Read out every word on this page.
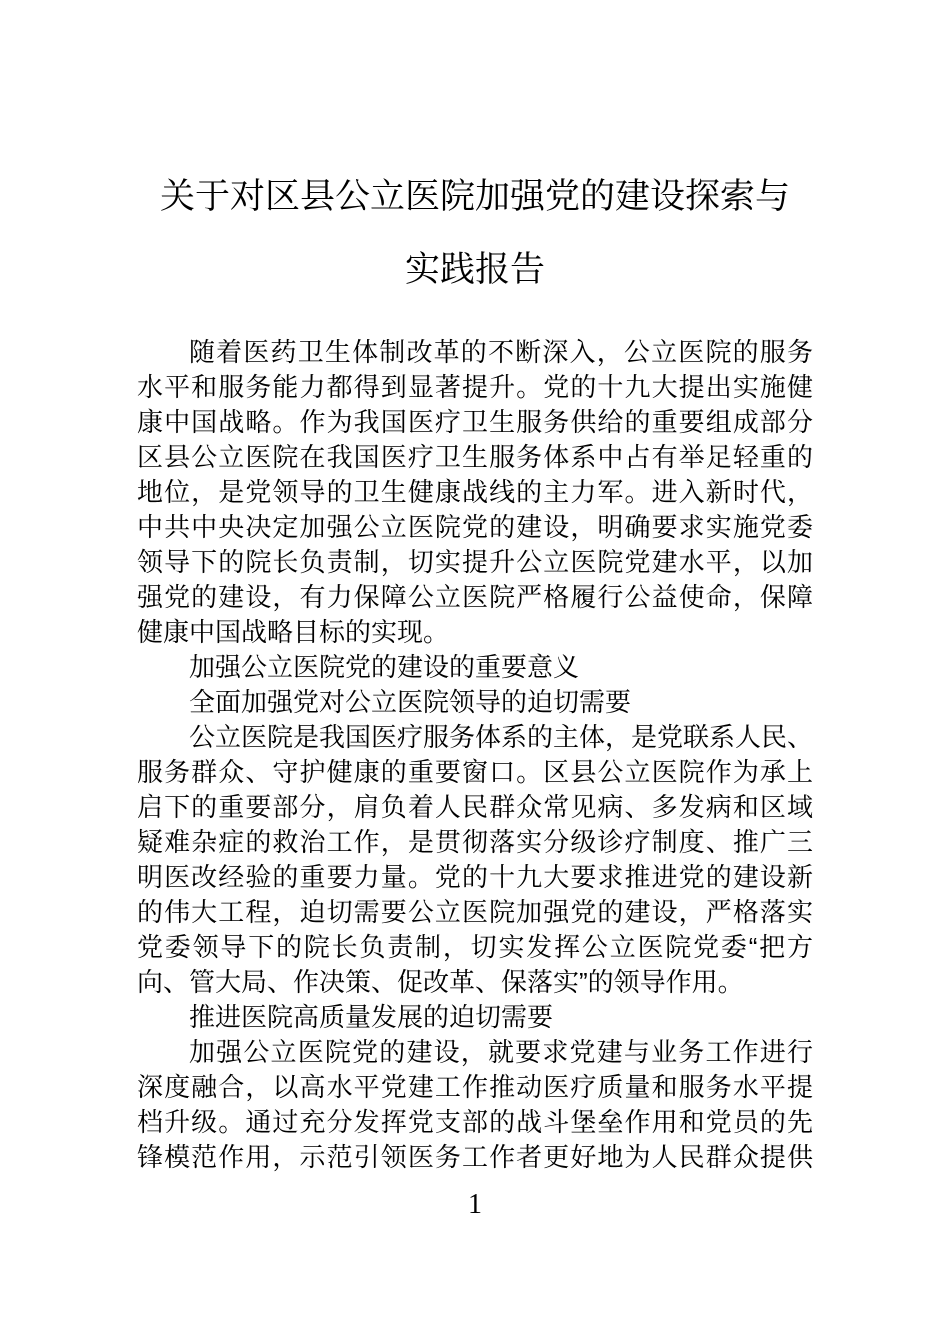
关于对区县公立医院加强党的建设探索与
实践报告
随着医药卫生体制改革的不断深入，公立医院的服务
水平和服务能力都得到显著提升。党的十九大提出实施健
康中国战略。作为我国医疗卫生服务供给的重要组成部分
区县公立医院在我国医疗卫生服务体系中占有举足轻重的
地位，是党领导的卫生健康战线的主力军。进入新时代，
中共中央决定加强公立医院党的建设，明确要求实施党委
领导下的院长负责制，切实提升公立医院党建水平，以加
强党的建设，有力保障公立医院严格履行公益使命，保障
健康中国战略目标的实现。
加强公立医院党的建设的重要意义
全面加强党对公立医院领导的迫切需要
公立医院是我国医疗服务体系的主体，是党联系人民、
服务群众、守护健康的重要窗口。区县公立医院作为承上
启下的重要部分，肩负着人民群众常见病、多发病和区域
疑难杂症的救治工作，是贯彻落实分级诊疗制度、推广三
明医改经验的重要力量。党的十九大要求推进党的建设新
的伟大工程，迫切需要公立医院加强党的建设，严格落实
党委领导下的院长负责制，切实发挥公立医院党委“把方
向、管大局、作决策、促改革、保落实”的领导作用。
推进医院高质量发展的迫切需要
加强公立医院党的建设，就要求党建与业务工作进行
深度融合，以高水平党建工作推动医疗质量和服务水平提
档升级。通过充分发挥党支部的战斗堡垒作用和党员的先
锋模范作用，示范引领医务工作者更好地为人民群众提供
1
